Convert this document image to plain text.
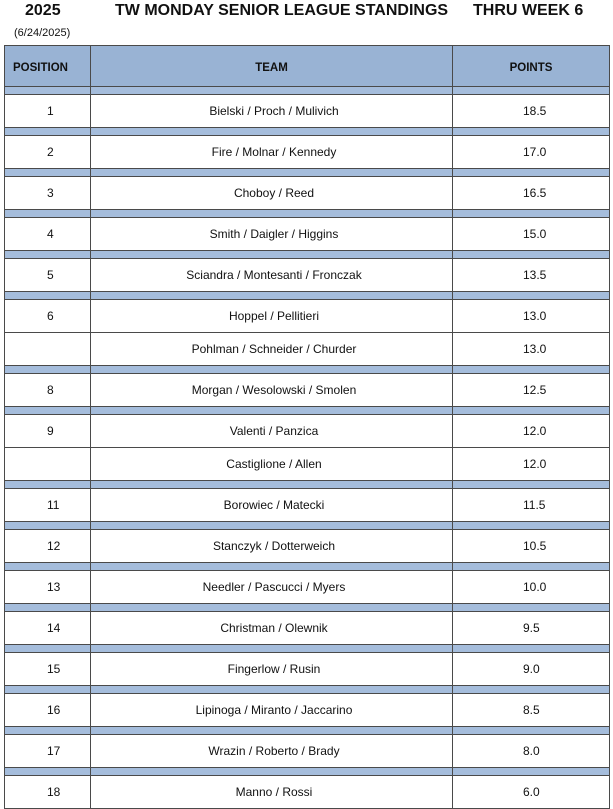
2025	TW MONDAY SENIOR LEAGUE STANDINGS THRU WEEK 6
(6/24/2025)
POSITION	TEAM	POINTS

1	Bielski / Proch / Mulivich	18.5

2	Fire / Molnar / Kennedy	17.0

3	Choboy / Reed	16.5

4	Smith / Daigler / Higgins	15.0

5	Sciandra / Montesanti / Fronczak	13.5

6	Hoppel / Pellitieri	13.0
	Pohlman / Schneider / Churder	13.0

8	Morgan / Wesolowski / Smolen	12.5

9	Valenti / Panzica	12.0
	Castiglione / Allen	12.0

11	Borowiec / Matecki	11.5

12	Stanczyk / Dotterweich	10.5

13	Needler / Pascucci / Myers	10.0

14	Christman / Olewnik	9.5

15	Fingerlow / Rusin	9.0

16	Lipinoga / Miranto / Jaccarino	8.5

17	Wrazin / Roberto / Brady	8.0

18	Manno / Rossi	6.0
